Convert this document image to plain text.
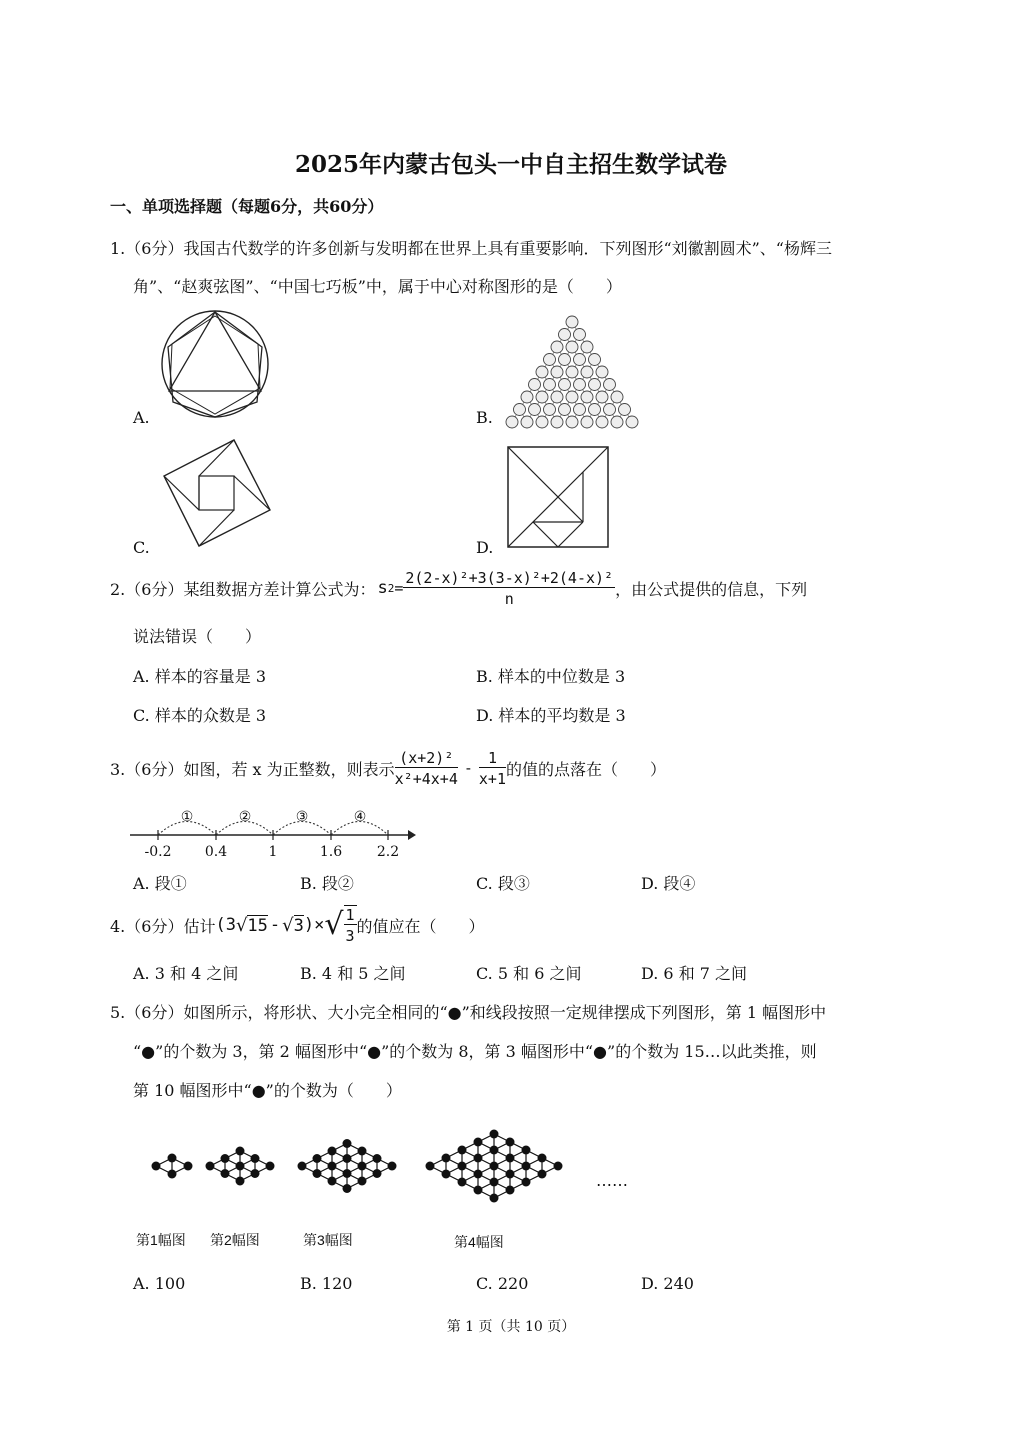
2025年内蒙古包头一中自主招生数学试卷
一、单项选择题（每题6分，共60分）
1.（6分）我国古代数学的许多创新与发明都在世界上具有重要影响．下列图形“刘徽割圆术”、“杨辉三
角”、“赵爽弦图”、“中国七巧板”中，属于中心对称图形的是（　　）
A.	B.
C.	D.
2.（6分）某组数据方差计算公式为： s $2 = \frac{\text{2(2-x)²+3(3-x)²+2(4-x)²}}{n}$ ，由公式提供的信息，下列
说法错误（　　）
A. 样本的容量是 3	B. 样本的中位数是 3
C. 样本的众数是 3	D. 样本的平均数是 3
3.（6分）如图，若 x 为正整数，则表示 $\frac{\text{(x+2)²}}{\text{x²+4x+4}} - \frac{1}{x+1}$ 的值的点落在（　　）
①	②	③	④
-0.2 0.4	1	1.6 2.2
A. 段①	B. 段②	C. 段③	D. 段④
4.（6分）估计 (3 √ 15 - √ 3 )× √ $\frac{1}{3}$ 的值应在（　　）
A. 3 和 4 之间	B. 4 和 5 之间	C. 5 和 6 之间	D. 6 和 7 之间
5.（6分）如图所示，将形状、大小完全相同的“●”和线段按照一定规律摆成下列图形，第 1 幅图形中
“●”的个数为 3，第 2 幅图形中“●”的个数为 8，第 3 幅图形中“●”的个数为 15…以此类推，则
第 10 幅图形中“●”的个数为（　　）
……
第1幅图 第2幅图	第3幅图	第4幅图
A. 100	B. 120	C. 220	D. 240
第 1 页（共 10 页）
